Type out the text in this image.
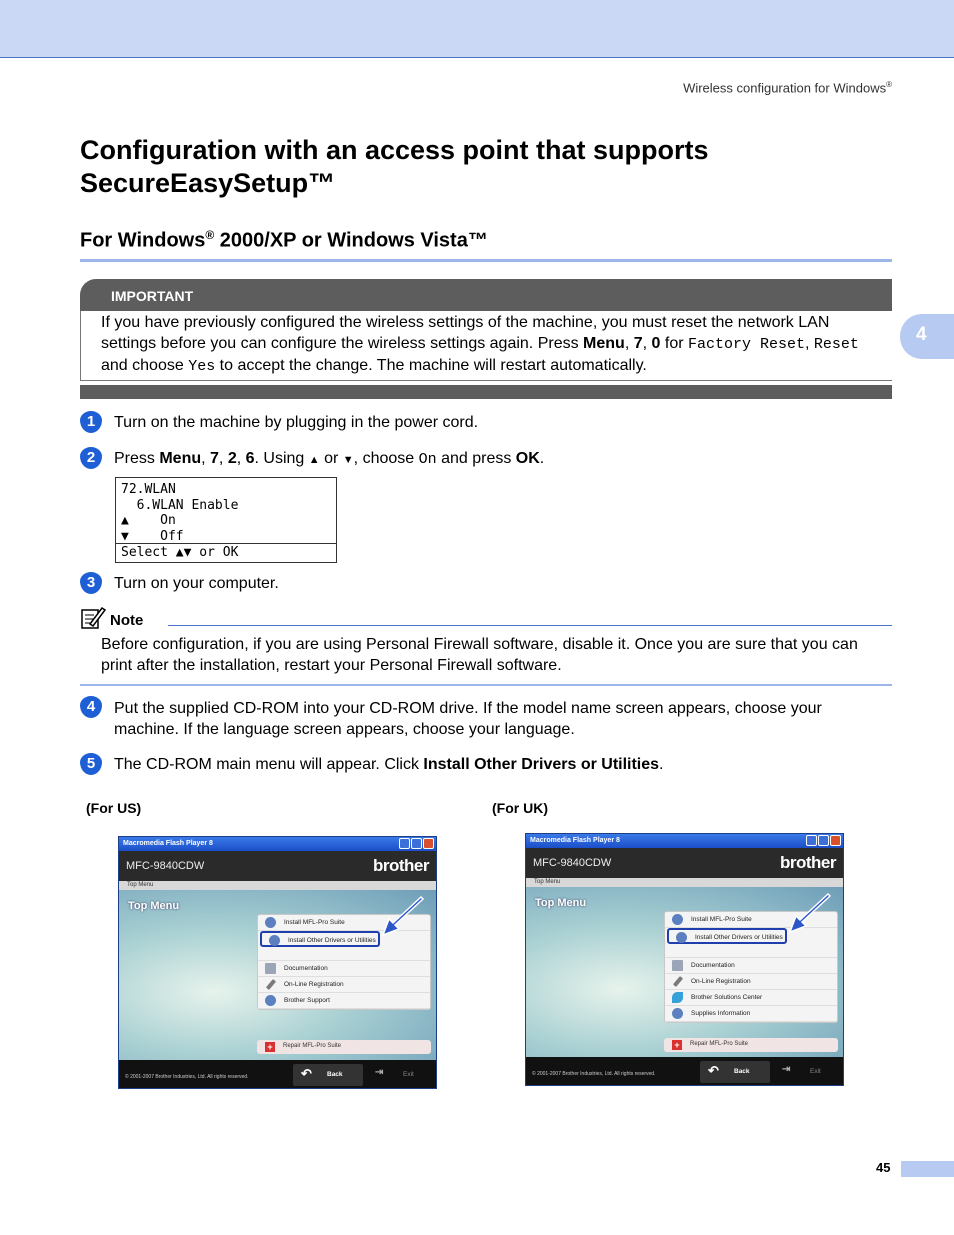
Wireless configuration for Windows®
4
Configuration with an access point that supports SecureEasySetup™
For Windows® 2000/XP or Windows Vista™
IMPORTANT
If you have previously configured the wireless settings of the machine, you must reset the network LAN settings before you can configure the wireless settings again. Press Menu, 7, 0 for Factory Reset, Reset and choose Yes to accept the change. The machine will restart automatically.
1	Turn on the machine by plugging in the power cord.
2	Press Menu, 7, 2, 6. Using ▲ or ▼, choose On and press OK.
72.WLAN
6.WLAN Enable
▲    On
▼    Off
Select ▲▼ or OK
3	Turn on your computer.
Note
Before configuration, if you are using Personal Firewall software, disable it. Once you are sure that you can print after the installation, restart your Personal Firewall software.
4	Put the supplied CD-ROM into your CD-ROM drive. If the model name screen appears, choose your machine. If the language screen appears, choose your language.
5	The CD-ROM main menu will appear. Click Install Other Drivers or Utilities.
(For US)	(For UK)
Macromedia Flash Player 8
MFC-9840CDW	brother
Top Menu
Top Menu
Install MFL-Pro Suite
Install Other Drivers or Utilities
Documentation
On-Line Registration
Brother Support
+	Repair MFL-Pro Suite
© 2001-2007 Brother Industries, Ltd. All rights reserved.	↶ Back	⇥	Exit
Macromedia Flash Player 8
MFC-9840CDW	brother
Top Menu
Top Menu
Install MFL-Pro Suite
Install Other Drivers or Utilities
Documentation
On-Line Registration
Brother Solutions Center
Supplies Information
+	Repair MFL-Pro Suite
© 2001-2007 Brother Industries, Ltd. All rights reserved.	↶ Back	⇥	Exit
45
